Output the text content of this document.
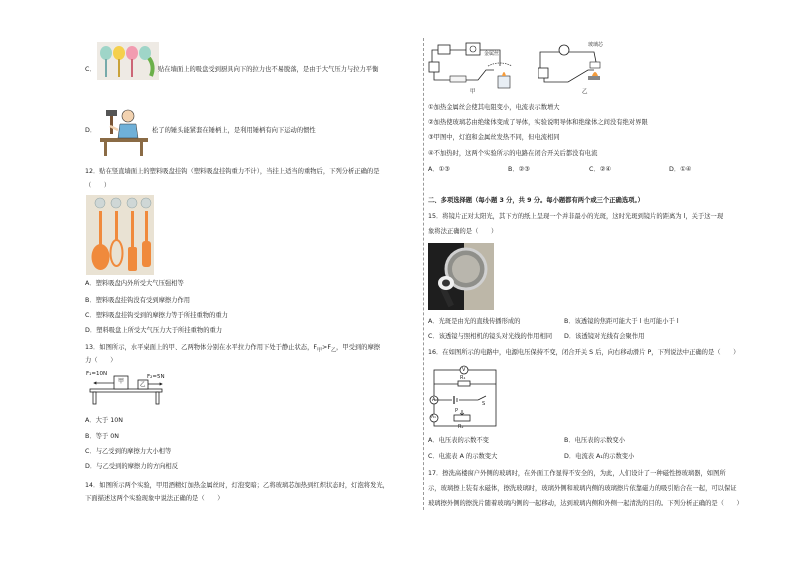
C．	贴在墙面上的吸盘受到厨具向下的拉力也不易脱落，是由于大气压力与拉力平衡
D．	松了的锤头能紧套在锤柄上，是利用锤柄有向下运动的惯性
12．贴在竖直墙面上的塑料吸盘挂钩（塑料吸盘挂钩重力不计），当挂上适当的重物后，下列分析正确的是
（　　）
A．塑料吸盘内外所受大气压强相等
B．塑料吸盘挂钩没有受到摩擦力作用
C．塑料吸盘挂钩受到的摩擦力等于所挂重物的重力
D．塑料吸盘上所受大气压力大于所挂重物的重力
13．如图所示，水平桌面上的甲、乙两物体分别在水平拉力作用下处于静止状态，$F_甲>F_乙$，甲受到的摩擦
力（　　）
F₁=10N	F₂=5N
甲	乙
A．大于 10N
B．等于 0N
C．与乙受到的摩擦力大小相等
D．与乙受到的摩擦力的方向相反
14．如图所示两个实验，甲用酒精灯加热金属丝时，灯泡变暗；乙将玻璃芯加热到红炽状态时，灯泡将发光，
下面描述这两个实验现象中说法正确的是（　　）
金属丝
甲
玻璃芯
乙
①加热金属丝会使其电阻变小，电流表示数增大
②加热使玻璃芯由绝缘体变成了导体，实验说明导体和绝缘体之间没有绝对界限
③甲图中，灯泡和金属丝发热不同，但电流相同
④不加热时，这两个实验所示的电路在闭合开关后都没有电流
A．①③	B．②③	C．②④	D．①④
二、多项选择题（每小题 3 分，共 9 分。每小题都有两个或三个正确选项。）
15．将镜片正对太阳光，其下方的纸上呈现一个并非最小的光斑，这时光斑到镜片的距离为 l，关于这一现
象将法正确的是（　　）
A．光斑是由光的直线传播形成的	B．该透镜的焦距可能大于 l 也可能小于 l
C．该透镜与照相机的镜头对光线的作用相同 D．该透镜对光线有会聚作用
16．在如图所示的电路中，电源电压保持不变，闭合开关 S 后，向右移动滑片 P，下列说法中正确的是（　　）
V
R₁
A
S
P
A₁
R₂
A．电压表的示数不变	B．电压表的示数变小
C．电流表 A 的示数变大	D．电流表 A₁的示数变小
17．擦洗高楼窗户外侧的玻璃时，在外面工作显得不安全的，为此，人们设计了一种磁性擦玻璃器，如图所
示，玻璃擦上装有永磁体，擦洗玻璃时，玻璃外侧和玻璃内侧的玻璃擦片依靠磁力的吸引贴合在一起，可以保证
玻璃擦外侧的擦洗片随着玻璃内侧的一起移动，达到玻璃内侧和外侧一起清洗的目的。下列分析正确的是（　　）
